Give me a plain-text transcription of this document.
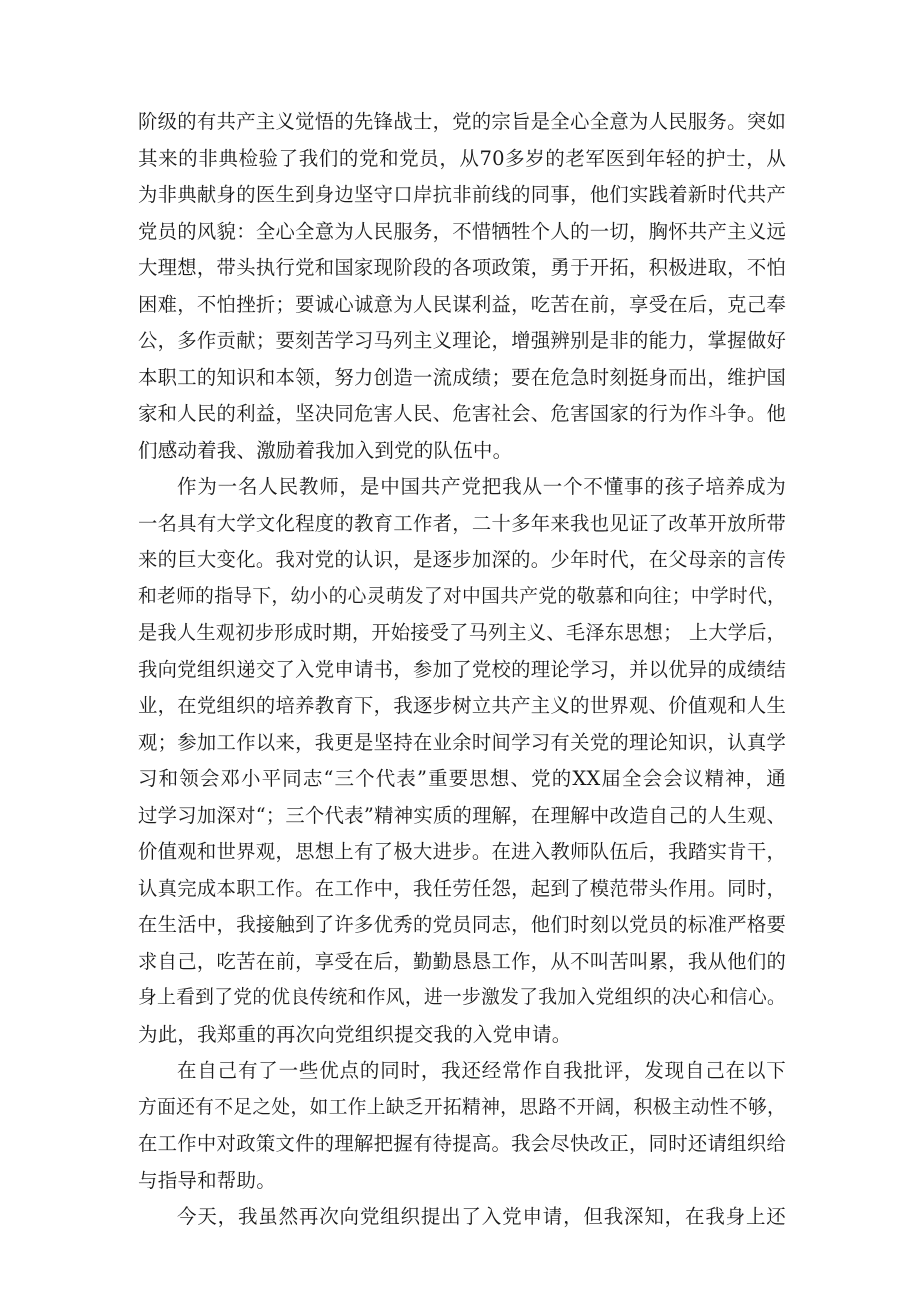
阶级的有共产主义觉悟的先锋战士，党的宗旨是全心全意为人民服务。突如
其来的非典检验了我们的党和党员，从70多岁的老军医到年轻的护士，从
为非典献身的医生到身边坚守口岸抗非前线的同事，他们实践着新时代共产
党员的风貌：全心全意为人民服务，不惜牺牲个人的一切，胸怀共产主义远
大理想，带头执行党和国家现阶段的各项政策，勇于开拓，积极进取，不怕
困难，不怕挫折；要诚心诚意为人民谋利益，吃苦在前，享受在后，克己奉
公，多作贡献；要刻苦学习马列主义理论，增强辨别是非的能力，掌握做好
本职工的知识和本领，努力创造一流成绩；要在危急时刻挺身而出，维护国
家和人民的利益，坚决同危害人民、危害社会、危害国家的行为作斗争。他
们感动着我、激励着我加入到党的队伍中。

作为一名人民教师，是中国共产党把我从一个不懂事的孩子培养成为
一名具有大学文化程度的教育工作者，二十多年来我也见证了改革开放所带
来的巨大变化。我对党的认识，是逐步加深的。少年时代，在父母亲的言传
和老师的指导下，幼小的心灵萌发了对中国共产党的敬慕和向往；中学时代，
是我人生观初步形成时期，开始接受了马列主义、毛泽东思想； 上大学后，
我向党组织递交了入党申请书，参加了党校的理论学习，并以优异的成绩结
业，在党组织的培养教育下，我逐步树立共产主义的世界观、价值观和人生
观；参加工作以来，我更是坚持在业余时间学习有关党的理论知识，认真学
习和领会邓小平同志“三个代表”重要思想、党的XX届全会会议精神，通
过学习加深对“；三个代表”精神实质的理解，在理解中改造自己的人生观、
价值观和世界观，思想上有了极大进步。在进入教师队伍后，我踏实肯干，
认真完成本职工作。在工作中，我任劳任怨，起到了模范带头作用。同时，
在生活中，我接触到了许多优秀的党员同志，他们时刻以党员的标准严格要
求自己，吃苦在前，享受在后，勤勤恳恳工作，从不叫苦叫累，我从他们的
身上看到了党的优良传统和作风，进一步激发了我加入党组织的决心和信心。
为此，我郑重的再次向党组织提交我的入党申请。

在自己有了一些优点的同时，我还经常作自我批评，发现自己在以下
方面还有不足之处，如工作上缺乏开拓精神，思路不开阔，积极主动性不够，
在工作中对政策文件的理解把握有待提高。我会尽快改正，同时还请组织给
与指导和帮助。

今天，我虽然再次向党组织提出了入党申请，但我深知，在我身上还
